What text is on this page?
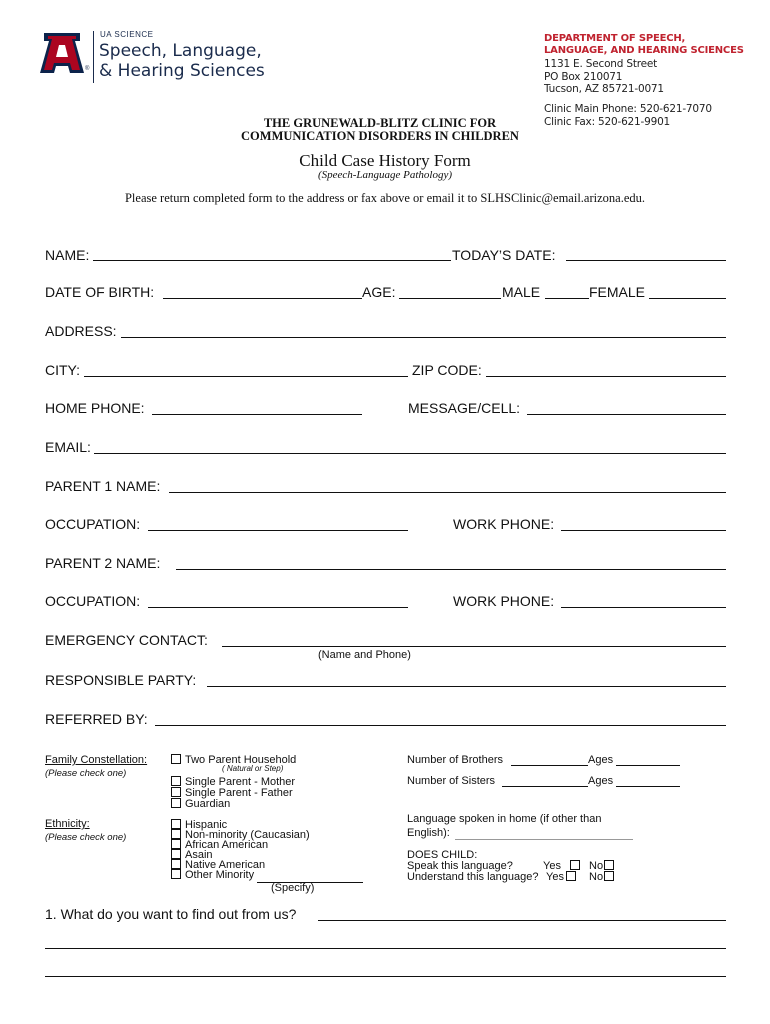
®
UA SCIENCE
Speech, Language,
& Hearing Sciences
DEPARTMENT OF SPEECH,
LANGUAGE, AND HEARING SCIENCES
1131 E. Second Street
PO Box 210071
Tucson, AZ 85721-0071
Clinic Main Phone: 520-621-7070
Clinic Fax: 520-621-9901
THE GRUNEWALD-BLITZ CLINIC FOR
COMMUNICATION DISORDERS IN CHILDREN
Child Case History Form
(Speech-Language Pathology)
Please return completed form to the address or fax above or email it to SLHSClinic@email.arizona.edu.
NAME:	TODAY’S DATE:
DATE OF BIRTH:	AGE:	MALE	FEMALE
ADDRESS:
CITY:	ZIP CODE:
HOME PHONE:	MESSAGE/CELL:
EMAIL:
PARENT 1 NAME:
OCCUPATION:	WORK PHONE:
PARENT 2 NAME:
OCCUPATION:	WORK PHONE:
EMERGENCY CONTACT:
(Name and Phone)
RESPONSIBLE PARTY:
REFERRED BY:
Family Constellation:
(Please check one)
Two Parent Household
( Natural or Step)
Single Parent - Mother
Single Parent - Father
Guardian
Number of Brothers	Ages
Number of Sisters	Ages
Ethnicity:
(Please check one)
Hispanic
Non-minority (Caucasian)
African American
Asain
Native American
Other Minority
(Specify)
Language spoken in home (if other than
English):
DOES CHILD:
Speak this language?	Yes	No
Understand this language? Yes	No
1. What do you want to find out from us?
